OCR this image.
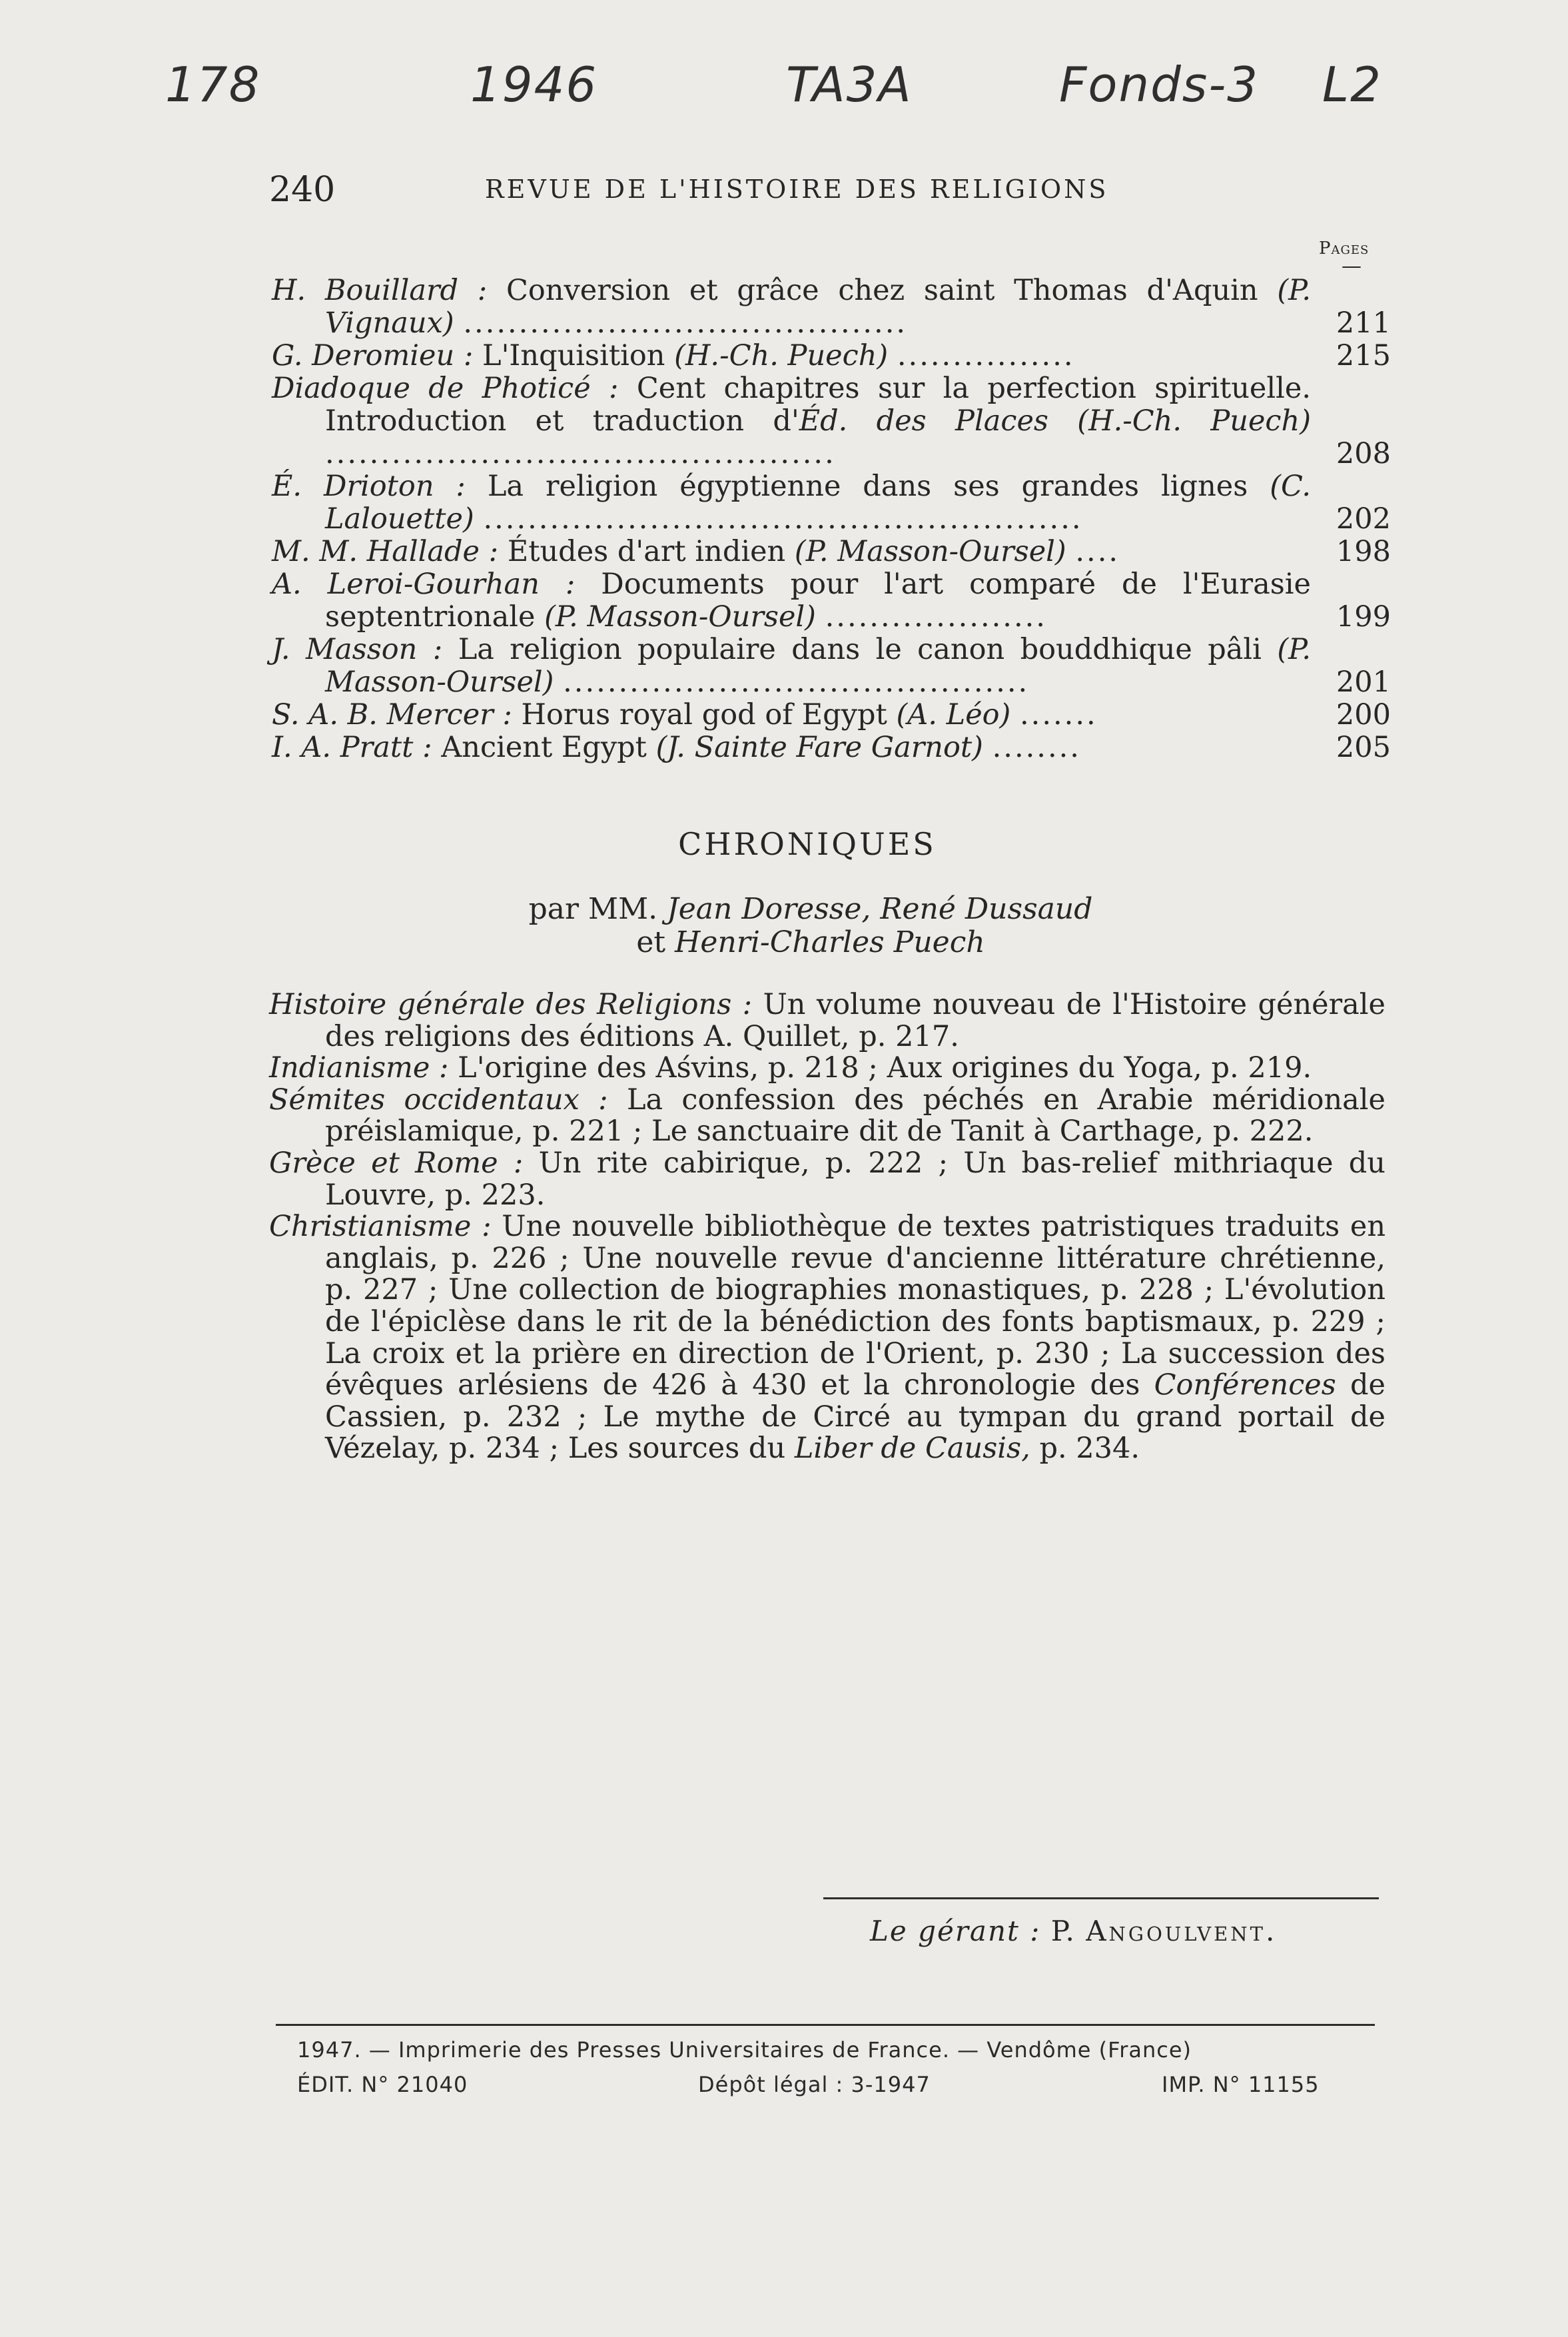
178	1946	TA3A	Fonds-3 L2
240	REVUE DE L'HISTOIRE DES RELIGIONS
Pages
—
H. Bouillard : Conversion et grâce chez saint Thomas d'Aquin (P. Vignaux) ........................................	211
G. Deromieu : L'Inquisition (H.-Ch. Puech) ................	215
Diadoque de Photicé : Cent chapitres sur la perfection spirituelle. Introduction et traduction d'Éd. des Places (H.-Ch. Puech) ..............................................	208
É. Drioton : La religion égyptienne dans ses grandes lignes (C. Lalouette) ......................................................	202
M. M. Hallade : Études d'art indien (P. Masson-Oursel) ....	198
A. Leroi-Gourhan : Documents pour l'art comparé de l'Eurasie septentrionale (P. Masson-Oursel) ....................	199
J. Masson : La religion populaire dans le canon bouddhique pâli (P. Masson-Oursel) ..........................................	201
S. A. B. Mercer : Horus royal god of Egypt (A. Léo) .......	200
I. A. Pratt : Ancient Egypt (J. Sainte Fare Garnot) ........	205
CHRONIQUES
par MM. Jean Doresse, René Dussaud
et Henri-Charles Puech
Histoire générale des Religions : Un volume nouveau de l'Histoire générale des religions des éditions A. Quillet, p. 217.
Indianisme : L'origine des Aśvins, p. 218 ; Aux origines du Yoga, p. 219.
Sémites occidentaux : La confession des péchés en Arabie méridionale préislamique, p. 221 ; Le sanctuaire dit de Tanit à Carthage, p. 222.
Grèce et Rome : Un rite cabirique, p. 222 ; Un bas-relief mithriaque du Louvre, p. 223.
Christianisme : Une nouvelle bibliothèque de textes patristiques traduits en anglais, p. 226 ; Une nouvelle revue d'ancienne littérature chrétienne, p. 227 ; Une collection de biographies monastiques, p. 228 ; L'évolution de l'épiclèse dans le rit de la bénédiction des fonts baptismaux, p. 229 ; La croix et la prière en direction de l'Orient, p. 230 ; La succession des évêques arlésiens de 426 à 430 et la chronologie des Conférences de Cassien, p. 232 ; Le mythe de Circé au tympan du grand portail de Vézelay, p. 234 ; Les sources du Liber de Causis, p. 234.
Le gérant : P. Angoulvent.
1947. — Imprimerie des Presses Universitaires de France. — Vendôme (France)
ÉDIT. N° 21040	Dépôt légal : 3-1947	IMP. N° 11155
